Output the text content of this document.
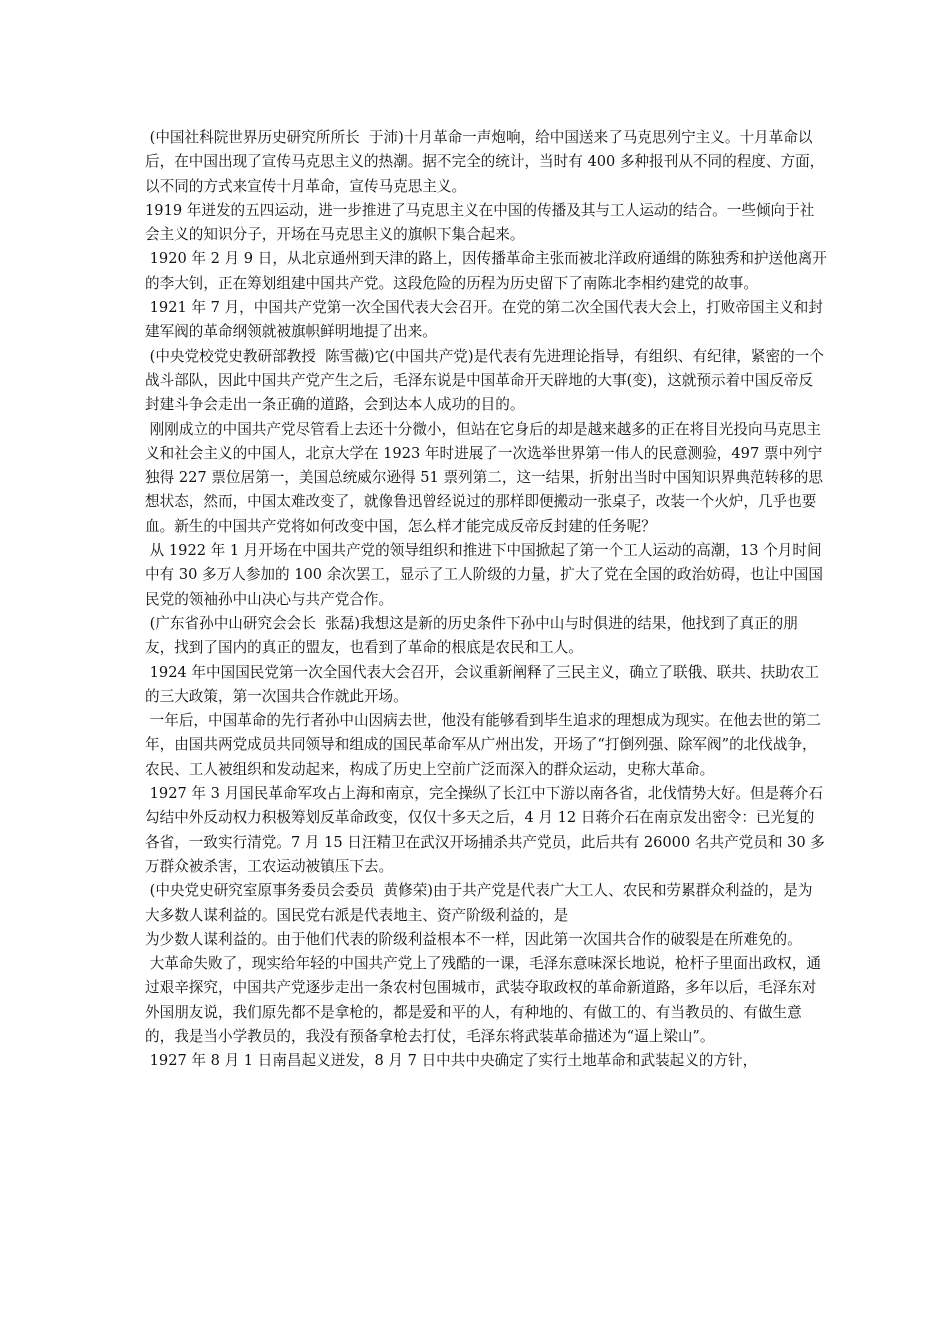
(中国社科院世界历史研究所所长  于沛)十月革命一声炮响，给中国送来了马克思列宁主义。十月革命以后，在中国出现了宣传马克思主义的热潮。据不完全的统计，当时有 400 多种报刊从不同的程度、方面，以不同的方式来宣传十月革命，宣传马克思主义。

1919 年迸发的五四运动，进一步推进了马克思主义在中国的传播及其与工人运动的结合。一些倾向于社会主义的知识分子，开场在马克思主义的旗帜下集合起来。

1920 年 2 月 9 日，从北京通州到天津的路上，因传播革命主张而被北洋政府通缉的陈独秀和护送他离开的李大钊，正在筹划组建中国共产党。这段危险的历程为历史留下了南陈北李相约建党的故事。

1921 年 7 月，中国共产党第一次全国代表大会召开。在党的第二次全国代表大会上，打败帝国主义和封建军阀的革命纲领就被旗帜鲜明地提了出来。

(中央党校党史教研部教授  陈雪薇)它(中国共产党)是代表有先进理论指导，有组织、有纪律，紧密的一个战斗部队，因此中国共产党产生之后，毛泽东说是中国革命开天辟地的大事(变)，这就预示着中国反帝反封建斗争会走出一条正确的道路，会到达本人成功的目的。

刚刚成立的中国共产党尽管看上去还十分微小，但站在它身后的却是越来越多的正在将目光投向马克思主义和社会主义的中国人，北京大学在 1923 年时进展了一次选举世界第一伟人的民意测验，497 票中列宁独得 227 票位居第一，美国总统威尔逊得 51 票列第二，这一结果，折射出当时中国知识界典范转移的思想状态，然而，中国太难改变了，就像鲁迅曾经说过的那样即便搬动一张桌子，改装一个火炉，几乎也要血。新生的中国共产党将如何改变中国，怎么样才能完成反帝反封建的任务呢？

从 1922 年 1 月开场在中国共产党的领导组织和推进下中国掀起了第一个工人运动的高潮，13 个月时间中有 30 多万人参加的 100 余次罢工，显示了工人阶级的力量，扩大了党在全国的政治妨碍，也让中国国民党的领袖孙中山决心与共产党合作。

(广东省孙中山研究会会长  张磊)我想这是新的历史条件下孙中山与时俱进的结果，他找到了真正的朋友，找到了国内的真正的盟友，也看到了革命的根底是农民和工人。

1924 年中国国民党第一次全国代表大会召开，会议重新阐释了三民主义，确立了联俄、联共、扶助农工的三大政策，第一次国共合作就此开场。

一年后，中国革命的先行者孙中山因病去世，他没有能够看到毕生追求的理想成为现实。在他去世的第二年，由国共两党成员共同领导和组成的国民革命军从广州出发，开场了“打倒列强、除军阀”的北伐战争，农民、工人被组织和发动起来，构成了历史上空前广泛而深入的群众运动，史称大革命。

1927 年 3 月国民革命军攻占上海和南京，完全操纵了长江中下游以南各省，北伐情势大好。但是蒋介石勾结中外反动权力积极筹划反革命政变，仅仅十多天之后，4 月 12 日蒋介石在南京发出密令：已光复的各省，一致实行清党。7 月 15 日汪精卫在武汉开场捕杀共产党员，此后共有 26000 名共产党员和 30 多万群众被杀害，工农运动被镇压下去。

(中央党史研究室原事务委员会委员  黄修荣)由于共产党是代表广大工人、农民和劳累群众利益的，是为大多数人谋利益的。国民党右派是代表地主、资产阶级利益的，是
为少数人谋利益的。由于他们代表的阶级利益根本不一样，因此第一次国共合作的破裂是在所难免的。

大革命失败了，现实给年轻的中国共产党上了残酷的一课，毛泽东意味深长地说，枪杆子里面出政权，通过艰辛探究，中国共产党逐步走出一条农村包围城市，武装夺取政权的革命新道路，多年以后，毛泽东对外国朋友说，我们原先都不是拿枪的，都是爱和平的人，有种地的、有做工的、有当教员的、有做生意的，我是当小学教员的，我没有预备拿枪去打仗，毛泽东将武装革命描述为“逼上梁山”。

1927 年 8 月 1 日南昌起义迸发，8 月 7 日中共中央确定了实行土地革命和武装起义的方针，
